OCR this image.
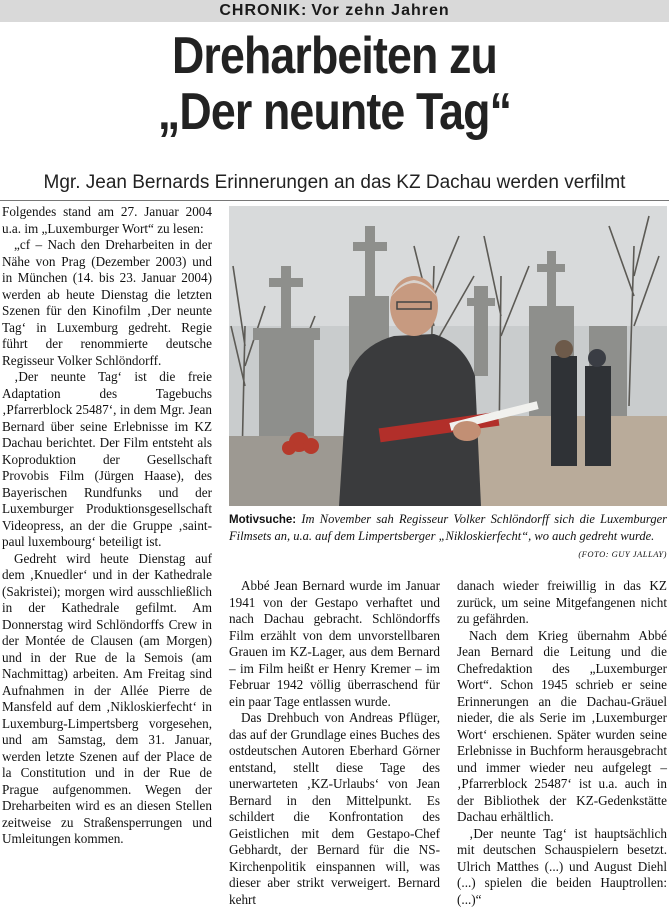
CHRONIK: Vor zehn Jahren
Dreharbeiten zu
„Der neunte Tag“
Mgr. Jean Bernards Erinnerungen an das KZ Dachau werden verfilmt

Folgendes stand am 27. Januar 2004 u.a. im „Luxemburger Wort“ zu lesen:

„cf – Nach den Dreharbeiten in der Nähe von Prag (Dezember 2003) und in München (14. bis 23. Januar 2004) werden ab heute Dienstag die letzten Szenen für den Kinofilm ‚Der neunte Tag‘ in Luxemburg gedreht. Regie führt der renommierte deutsche Regisseur Volker Schlöndorff.

‚Der neunte Tag‘ ist die freie Adaptation des Tagebuchs ‚Pfarrerblock 25487‘, in dem Mgr. Jean Bernard über seine Erlebnisse im KZ Dachau berichtet. Der Film entsteht als Koproduktion der Gesellschaft Provobis Film (Jürgen Haase), des Bayerischen Rundfunks und der Luxemburger Produktionsgesellschaft Videopress, an der die Gruppe ‚saint-paul luxembourg‘ beteiligt ist.

Gedreht wird heute Dienstag auf dem ‚Knuedler‘ und in der Kathedrale (Sakristei); morgen wird ausschließlich in der Kathedrale gefilmt. Am Donnerstag wird Schlöndorffs Crew in der Montée de Clausen (am Morgen) und in der Rue de la Semois (am Nachmittag) arbeiten. Am Freitag sind Aufnahmen in der Allée Pierre de Mansfeld auf dem ‚Nikloskierfecht‘ in Luxemburg-Limpertsberg vorgesehen, und am Samstag, dem 31. Januar, werden letzte Szenen auf der Place de la Constitution und in der Rue de Prague aufgenommen. Wegen der Dreharbeiten wird es an diesen Stellen zeitweise zu Straßensperrungen und Umleitungen kommen.

Motivsuche: Im November sah Regisseur Volker Schlöndorff sich die Luxemburger Filmsets an, u.a. auf dem Limpertsberger „Nikloskierfecht“, wo auch gedreht wurde.
(FOTO: GUY JALLAY)

Abbé Jean Bernard wurde im Januar 1941 von der Gestapo verhaftet und nach Dachau gebracht. Schlöndorffs Film erzählt von dem unvorstellbaren Grauen im KZ-Lager, aus dem Bernard – im Film heißt er Henry Kremer – im Februar 1942 völlig überraschend für ein paar Tage entlassen wurde.

Das Drehbuch von Andreas Pflüger, das auf der Grundlage eines Buches des ostdeutschen Autoren Eberhard Görner entstand, stellt diese Tage des unerwarteten ‚KZ-Urlaubs‘ von Jean Bernard in den Mittelpunkt. Es schildert die Konfrontation des Geistlichen mit dem Gestapo-Chef Gebhardt, der Bernard für die NS-Kirchenpolitik einspannen will, was dieser aber strikt verweigert. Bernard kehrt

danach wieder freiwillig in das KZ zurück, um seine Mitgefangenen nicht zu gefährden.

Nach dem Krieg übernahm Abbé Jean Bernard die Leitung und die Chefredaktion des „Luxemburger Wort“. Schon 1945 schrieb er seine Erinnerungen an die Dachau-Gräuel nieder, die als Serie im ‚Luxemburger Wort‘ erschienen. Später wurden seine Erlebnisse in Buchform herausgebracht und immer wieder neu aufgelegt – ‚Pfarrerblock 25487‘ ist u.a. auch in der Bibliothek der KZ-Gedenkstätte Dachau erhältlich.

‚Der neunte Tag‘ ist hauptsächlich mit deutschen Schauspielern besetzt. Ulrich Matthes (...) und August Diehl (...) spielen die beiden Hauptrollen: (...)“
